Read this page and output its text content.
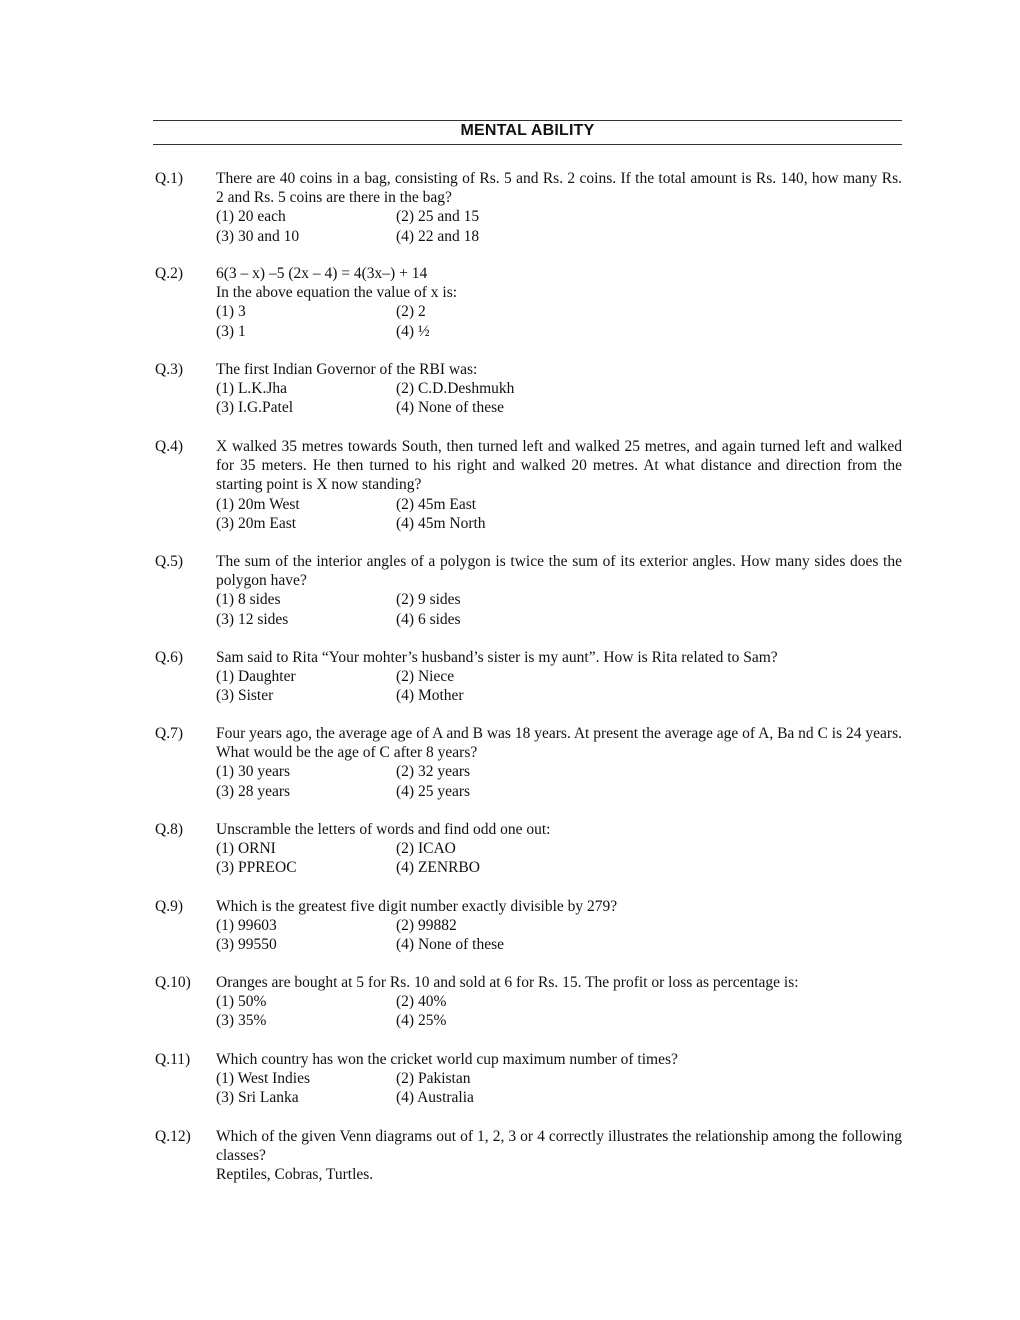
MENTAL ABILITY
Q.1) There are 40 coins in a bag, consisting of Rs. 5 and Rs. 2 coins. If the total amount is Rs. 140, how many Rs. 2 and Rs. 5 coins are there in the bag?
(1) 20 each	(2) 25 and 15
(3) 30 and 10	(4) 22 and 18
Q.2) 6(3 – x) –5 (2x – 4) = 4(3x–) + 14
In the above equation the value of x is:
(1) 3	(2) 2
(3) 1	(4) ½
Q.3) The first Indian Governor of the RBI was:
(1) L.K.Jha	(2) C.D.Deshmukh
(3) I.G.Patel	(4) None of these
Q.4) X walked 35 metres towards South, then turned left and walked 25 metres, and again turned left and walked for 35 meters. He then turned to his right and walked 20 metres. At what distance and direction from the starting point is X now standing?
(1) 20m West	(2) 45m East
(3) 20m East	(4) 45m North
Q.5) The sum of the interior angles of a polygon is twice the sum of its exterior angles. How many sides does the polygon have?
(1) 8 sides	(2) 9 sides
(3) 12 sides	(4) 6 sides
Q.6) Sam said to Rita “Your mohter’s husband’s sister is my aunt”. How is Rita related to Sam?
(1) Daughter	(2) Niece
(3) Sister	(4) Mother
Q.7) Four years ago, the average age of A and B was 18 years. At present the average age of A, Ba nd C is 24 years. What would be the age of C after 8 years?
(1) 30 years	(2) 32 years
(3) 28 years	(4) 25 years
Q.8) Unscramble the letters of words and find odd one out:
(1) ORNI	(2) ICAO
(3) PPREOC	(4) ZENRBO
Q.9) Which is the greatest five digit number exactly divisible by 279?
(1) 99603	(2) 99882
(3) 99550	(4) None of these
Q.10) Oranges are bought at 5 for Rs. 10 and sold at 6 for Rs. 15. The profit or loss as percentage is:
(1) 50%	(2) 40%
(3) 35%	(4) 25%
Q.11) Which country has won the cricket world cup maximum number of times?
(1) West Indies	(2) Pakistan
(3) Sri Lanka	(4) Australia
Q.12) Which of the given Venn diagrams out of 1, 2, 3 or 4 correctly illustrates the relationship among the following classes?
Reptiles, Cobras, Turtles.
